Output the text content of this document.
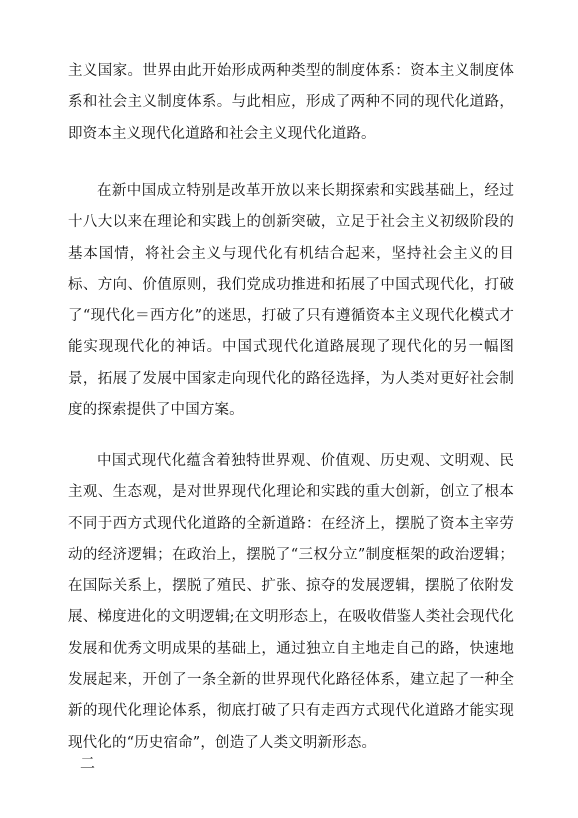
主义国家。世界由此开始形成两种类型的制度体系：资本主义制度体系和社会主义制度体系。与此相应，形成了两种不同的现代化道路，即资本主义现代化道路和社会主义现代化道路。

在新中国成立特别是改革开放以来长期探索和实践基础上，经过十八大以来在理论和实践上的创新突破，立足于社会主义初级阶段的基本国情，将社会主义与现代化有机结合起来，坚持社会主义的目标、方向、价值原则，我们党成功推进和拓展了中国式现代化，打破了“现代化＝西方化”的迷思，打破了只有遵循资本主义现代化模式才能实现现代化的神话。中国式现代化道路展现了现代化的另一幅图景，拓展了发展中国家走向现代化的路径选择，为人类对更好社会制度的探索提供了中国方案。

中国式现代化蕴含着独特世界观、价值观、历史观、文明观、民主观、生态观，是对世界现代化理论和实践的重大创新，创立了根本不同于西方式现代化道路的全新道路：在经济上，摆脱了资本主宰劳动的经济逻辑；在政治上，摆脱了“三权分立”制度框架的政治逻辑；在国际关系上，摆脱了殖民、扩张、掠夺的发展逻辑，摆脱了依附发展、梯度进化的文明逻辑;在文明形态上，在吸收借鉴人类社会现代化发展和优秀文明成果的基础上，通过独立自主地走自己的路，快速地发展起来，开创了一条全新的世界现代化路径体系，建立起了一种全新的现代化理论体系，彻底打破了只有走西方式现代化道路才能实现现代化的“历史宿命”，创造了人类文明新形态。

二
